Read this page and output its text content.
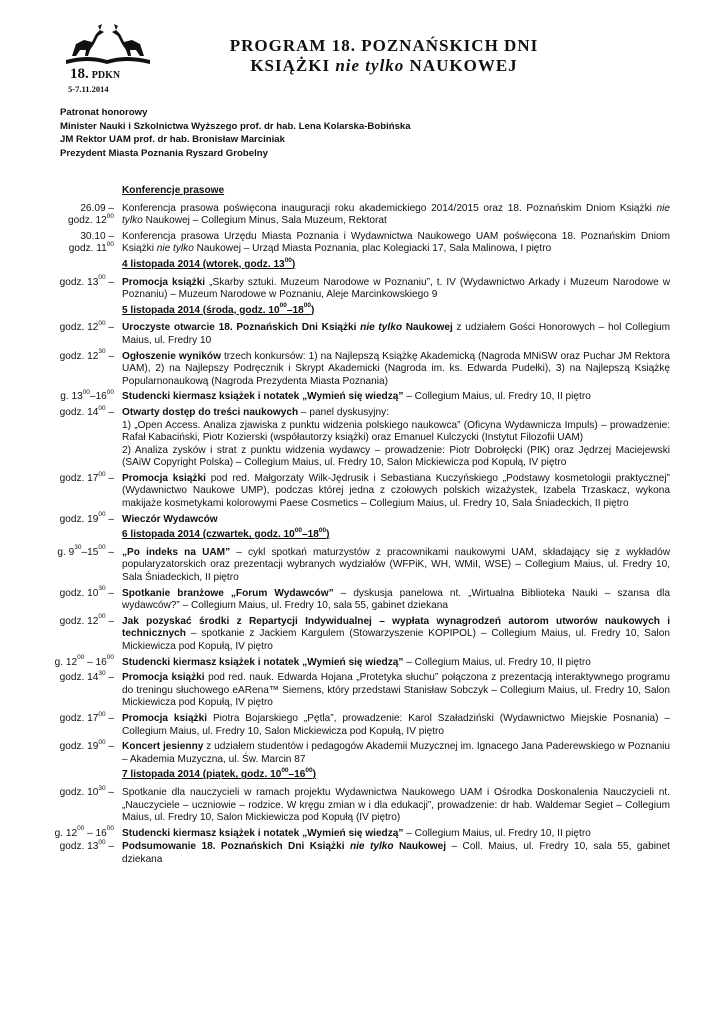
18. PDKN
5-7.11.2014
PROGRAM 18. POZNAŃSKICH DNI
KSIĄŻKI nie tylko NAUKOWEJ
Patronat honorowy
Minister Nauki i Szkolnictwa Wyższego prof. dr hab. Lena Kolarska-Bobińska
JM Rektor UAM prof. dr hab. Bronisław Marciniak
Prezydent Miasta Poznania Ryszard Grobelny
Konferencje prasowe
26.09 –
godz. $12^{00}$
Konferencja prasowa poświęcona inauguracji roku akademickiego 2014/2015 oraz 18. Poznańskim Dniom Książki nie tylko Naukowej – Collegium Minus, Sala Muzeum, Rektorat
30.10 –
godz. $11^{00}$
Konferencja prasowa Urzędu Miasta Poznania i Wydawnictwa Naukowego UAM poświęcona 18. Poznańskim Dniom Książki nie tylko Naukowej – Urząd Miasta Poznania, plac Kolegiacki 17, Sala Malinowa, I piętro
4 listopada 2014 (wtorek, godz. $13^{00}$)
godz. $13^{00}$ – Promocja książki „Skarby sztuki. Muzeum Narodowe w Poznaniu”, t. IV (Wydawnictwo Arkady i Muzeum Narodowe w Poznaniu) – Muzeum Narodowe w Poznaniu, Aleje Marcinkowskiego 9
5 listopada 2014 (środa, godz. $10^{00}-18^{00}$)
godz. $12^{00}$ – Uroczyste otwarcie 18. Poznańskich Dni Książki nie tylko Naukowej z udziałem Gości Honorowych – hol Collegium Maius, ul. Fredry 10
godz. $12^{30}$ – Ogłoszenie wyników trzech konkursów: 1) na Najlepszą Książkę Akademicką (Nagroda MNiSW oraz Puchar JM Rektora UAM), 2) na Najlepszy Podręcznik i Skrypt Akademicki (Nagroda im. ks. Edwarda Pudełki), 3) na Najlepszą Książkę Popularnonaukową (Nagroda Prezydenta Miasta Poznania)
g. $13^{00}-16^{00}$ Studencki kiermasz książek i notatek „Wymień się wiedzą” – Collegium Maius, ul. Fredry 10, II piętro
godz. $14^{00}$ – Otwarty dostęp do treści naukowych – panel dyskusyjny:
1) „Open Access. Analiza zjawiska z punktu widzenia polskiego naukowca” (Oficyna Wydawnicza Impuls) – prowadzenie: Rafał Kabaciński, Piotr Kozierski (współautorzy książki) oraz Emanuel Kulczycki (Instytut Filozofii UAM)
2) Analiza zysków i strat z punktu widzenia wydawcy – prowadzenie: Piotr Dobrołęcki (PIK) oraz Jędrzej Maciejewski (SAiW Copyright Polska) – Collegium Maius, ul. Fredry 10, Salon Mickiewicza pod Kopułą, IV piętro
godz. $17^{00}$ – Promocja książki pod red. Małgorzaty Wilk-Jędrusik i Sebastiana Kuczyńskiego „Podstawy kosmetologii praktycznej” (Wydawnictwo Naukowe UMP), podczas której jedna z czołowych polskich wizażystek, Izabela Trzaskacz, wykona makijaże kosmetykami kolorowymi Paese Cosmetics – Collegium Maius, ul. Fredry 10, Sala Śniadeckich, II piętro
godz. $19^{00}$ – Wieczór Wydawców
6 listopada 2014 (czwartek, godz. $10^{00}-18^{00}$)
g. $9^{30}-15^{00}$ – „Po indeks na UAM” – cykl spotkań maturzystów z pracownikami naukowymi UAM, składający się z wykładów popularyzatorskich oraz prezentacji wybranych wydziałów (WFPiK, WH, WMiI, WSE) – Collegium Maius, ul. Fredry 10, Sala Śniadeckich, II piętro
godz. $10^{30}$ – Spotkanie branżowe „Forum Wydawców” – dyskusja panelowa nt. „Wirtualna Biblioteka Nauki – szansa dla wydawców?” – Collegium Maius, ul. Fredry 10, sala 55, gabinet dziekana
godz. $12^{00}$ – Jak pozyskać środki z Repartycji Indywidualnej – wypłata wynagrodzeń autorom utworów naukowych i technicznych – spotkanie z Jackiem Kargulem (Stowarzyszenie KOPIPOL) – Collegium Maius, ul. Fredry 10, Salon Mickiewicza pod Kopułą, IV piętro
g. $12^{00} - 16^{00}$ Studencki kiermasz książek i notatek „Wymień się wiedzą” – Collegium Maius, ul. Fredry 10, II piętro
godz. $14^{30}$ – Promocja książki pod red. nauk. Edwarda Hojana „Protetyka słuchu” połączona z prezentacją interaktywnego programu do treningu słuchowego eARena™ Siemens, który przedstawi Stanisław Sobczyk – Collegium Maius, ul. Fredry 10, Salon Mickiewicza pod Kopułą, IV piętro
godz. $17^{00}$ – Promocja książki Piotra Bojarskiego „Pętla”, prowadzenie: Karol Szaładziński (Wydawnictwo Miejskie Posnania) – Collegium Maius, ul. Fredry 10, Salon Mickiewicza pod Kopułą, IV piętro
godz. $19^{00}$ – Koncert jesienny z udziałem studentów i pedagogów Akademii Muzycznej im. Ignacego Jana Paderewskiego w Poznaniu – Akademia Muzyczna, ul. Św. Marcin 87
7 listopada 2014 (piątek, godz. $10^{00}-16^{00}$)
godz. $10^{30}$ – Spotkanie dla nauczycieli w ramach projektu Wydawnictwa Naukowego UAM i Ośrodka Doskonalenia Nauczycieli nt. „Nauczyciele – uczniowie – rodzice. W kręgu zmian w i dla edukacji”, prowadzenie: dr hab. Waldemar Segiet – Collegium Maius, ul. Fredry 10, Salon Mickiewicza pod Kopułą (IV piętro)
g. $12^{00} - 16^{00}$ Studencki kiermasz książek i notatek „Wymień się wiedzą” – Collegium Maius, ul. Fredry 10, II piętro
godz. $13^{00}$ – Podsumowanie 18. Poznańskich Dni Książki nie tylko Naukowej – Coll. Maius, ul. Fredry 10, sala 55, gabinet dziekana
